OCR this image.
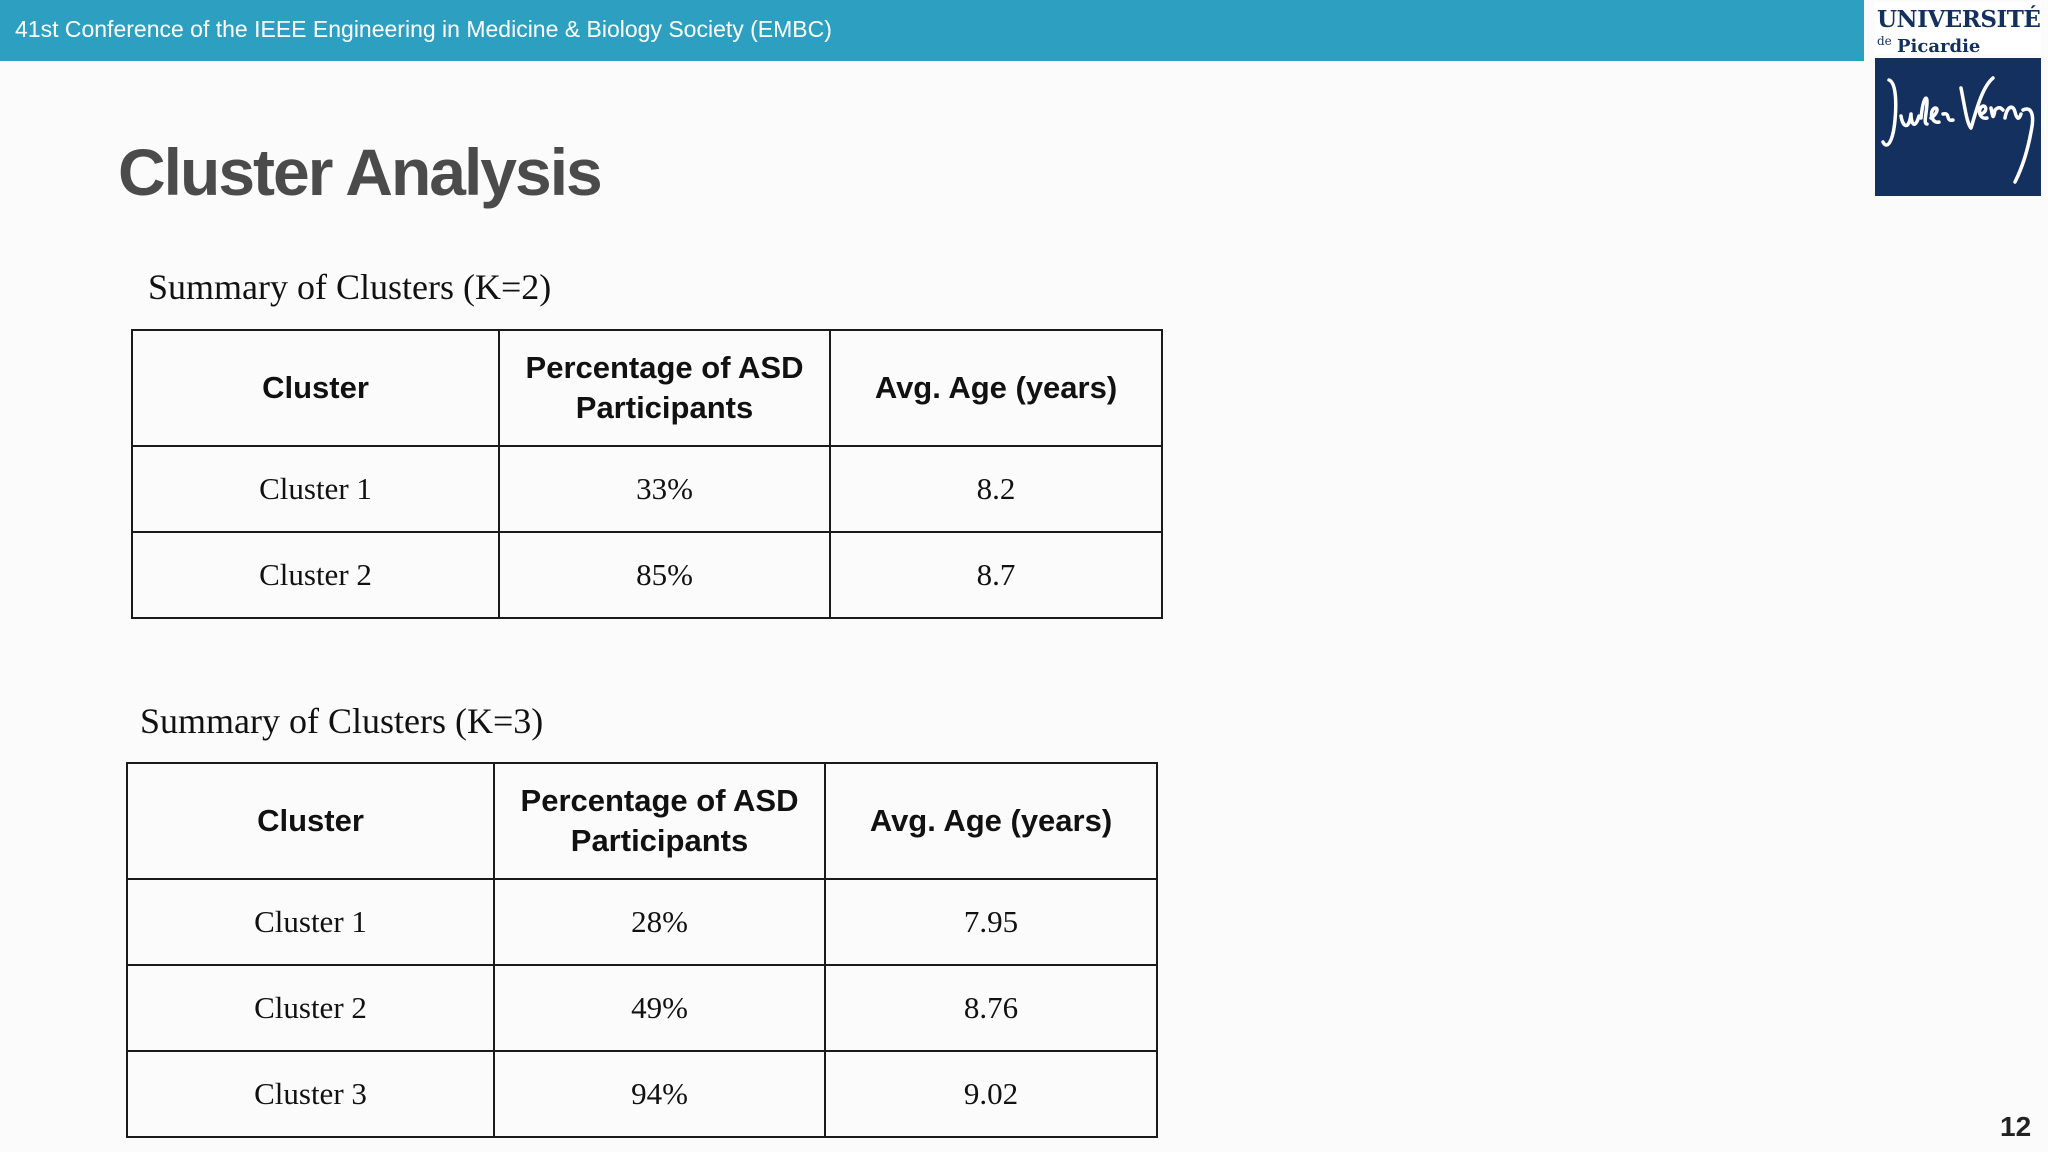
41st Conference of the IEEE Engineering in Medicine & Biology Society (EMBC)	UNIVERSITÉ
de Picardie
Cluster Analysis
Summary of Clusters (K=2)
Cluster	Percentage of ASD Participants	Avg. Age (years)
Cluster 1	33%	8.2
Cluster 2	85%	8.7
Summary of Clusters (K=3)
Cluster	Percentage of ASD Participants	Avg. Age (years)
Cluster 1	28%	7.95
Cluster 2	49%	8.76
Cluster 3	94%	9.02
12
